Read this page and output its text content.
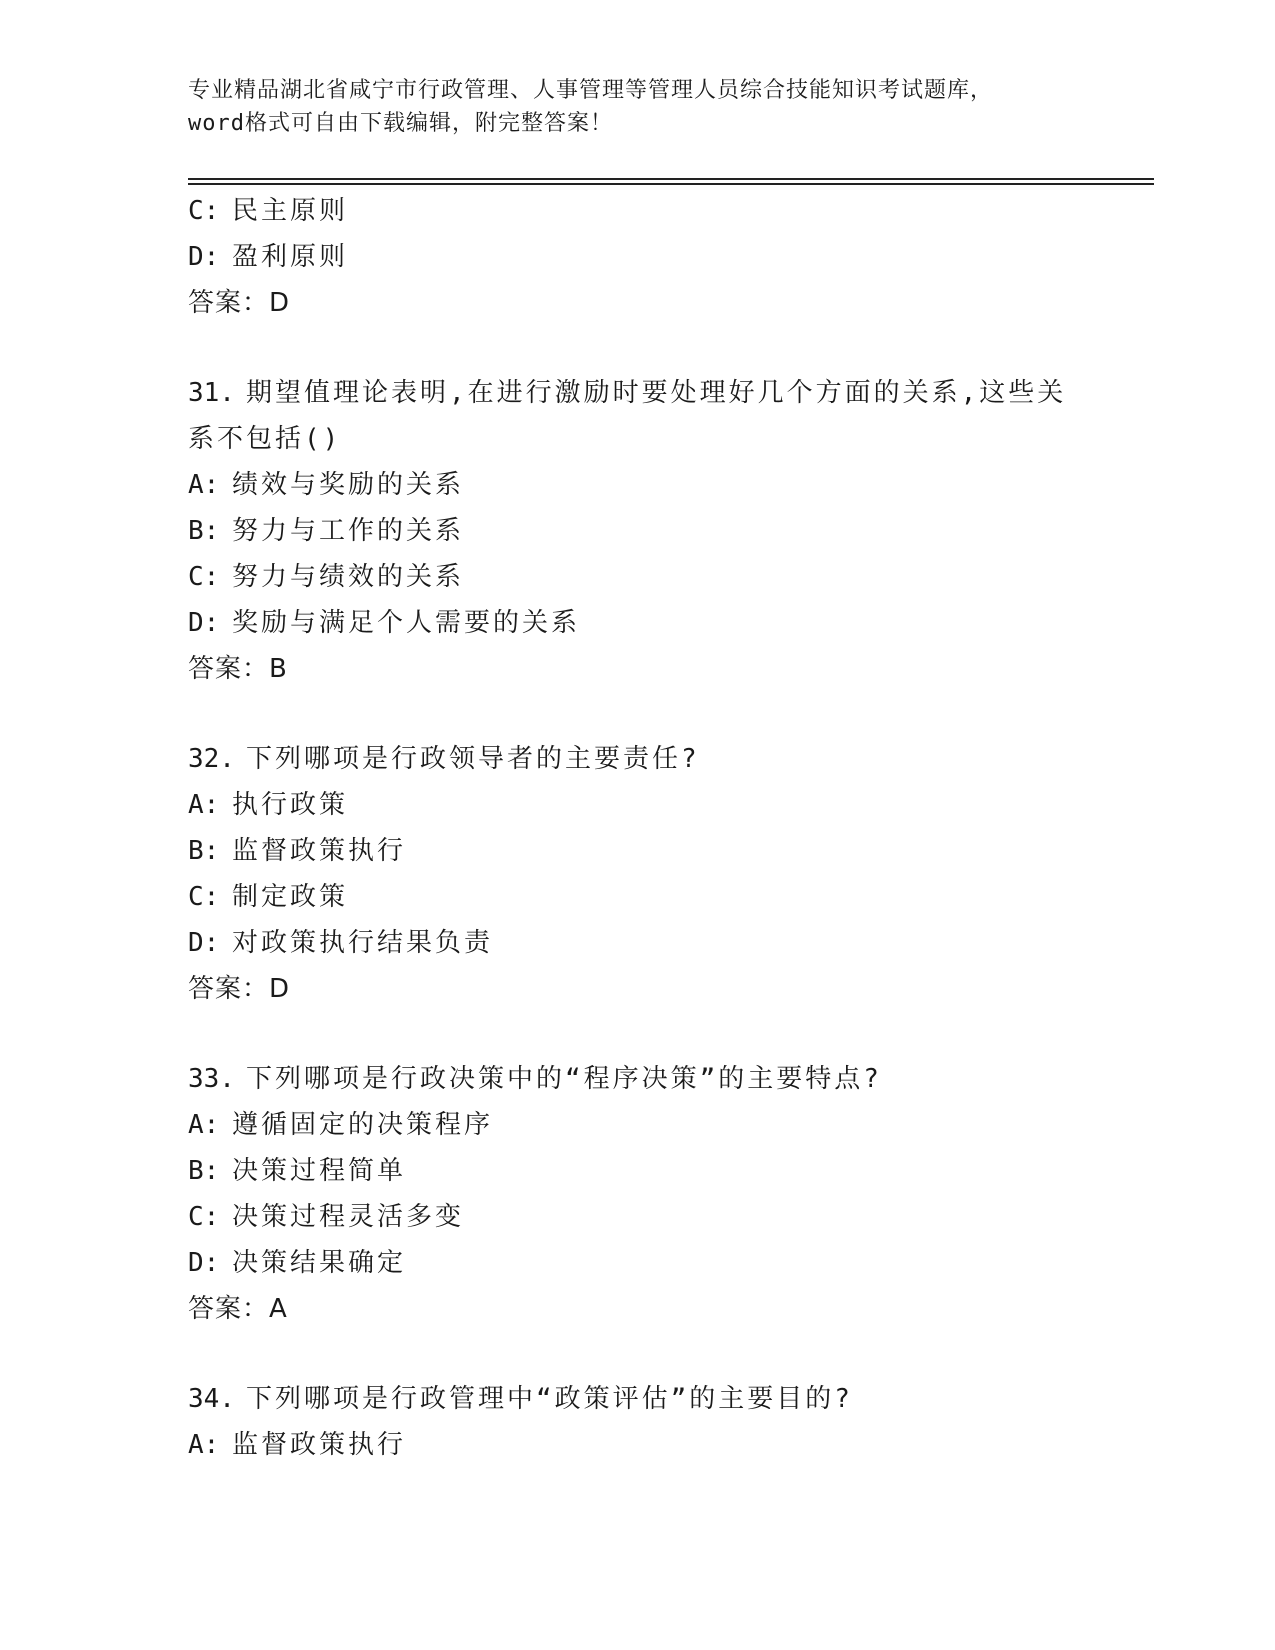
专业精品湖北省咸宁市行政管理、人事管理等管理人员综合技能知识考试题库，
word格式可自由下载编辑，附完整答案！
C: 民主原则
D: 盈利原则
答案：D
31. 期望值理论表明,在进行激励时要处理好几个方面的关系,这些关
系不包括()
A: 绩效与奖励的关系
B: 努力与工作的关系
C: 努力与绩效的关系
D: 奖励与满足个人需要的关系
答案：B
32. 下列哪项是行政领导者的主要责任?
A: 执行政策
B: 监督政策执行
C: 制定政策
D: 对政策执行结果负责
答案：D
33. 下列哪项是行政决策中的“程序决策”的主要特点?
A: 遵循固定的决策程序
B: 决策过程简单
C: 决策过程灵活多变
D: 决策结果确定
答案：A
34. 下列哪项是行政管理中“政策评估”的主要目的?
A: 监督政策执行
